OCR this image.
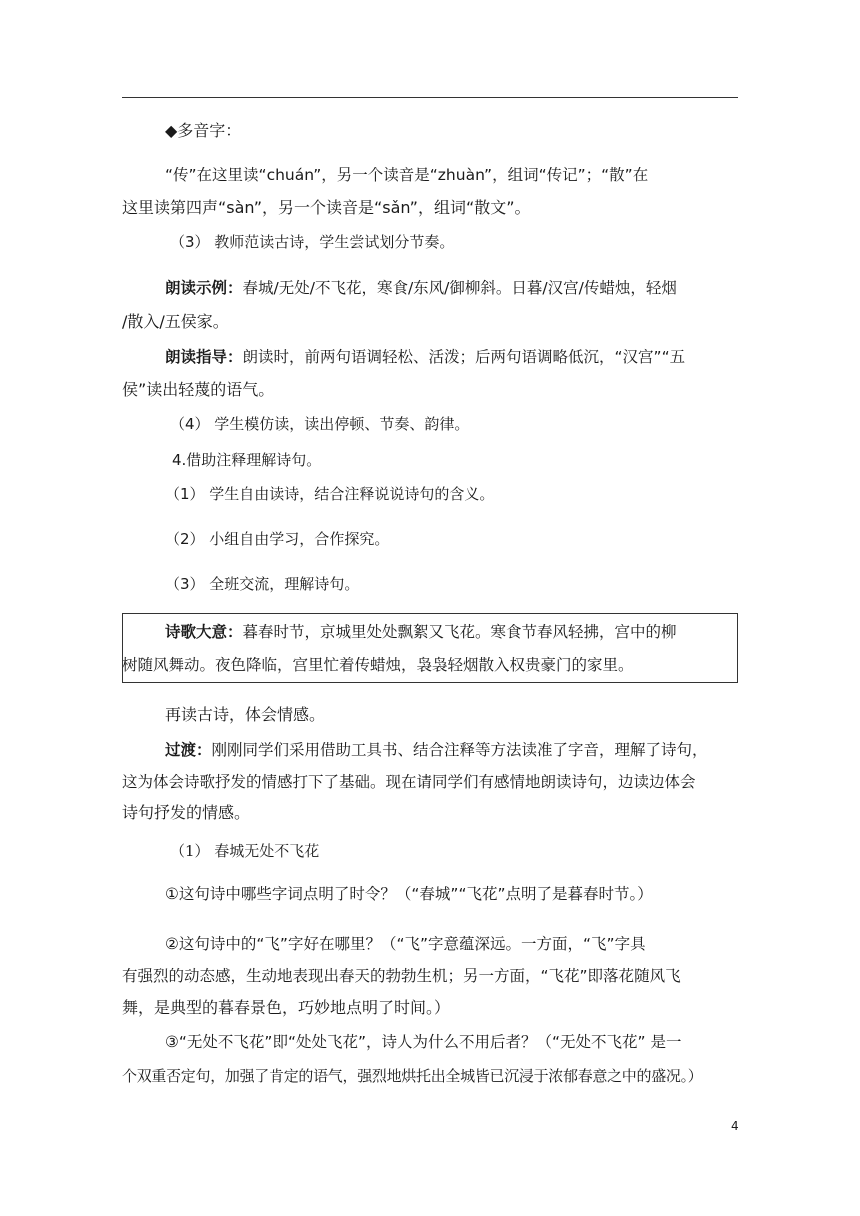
◆多音字：
“传”在这里读“chuán”，另一个读音是“zhuàn”，组词“传记”；“散”在
这里读第四声“sàn”，另一个读音是“sǎn”，组词“散文”。
（3） 教师范读古诗，学生尝试划分节奏。
朗读示例：春城/无处/不飞花，寒食/东风/御柳斜。日暮/汉宫/传蜡烛，轻烟
/散入/五侯家。
朗读指导：朗读时，前两句语调轻松、活泼；后两句语调略低沉，“汉宫”“五
侯”读出轻蔑的语气。
（4） 学生模仿读，读出停顿、节奏、韵律。
4.借助注释理解诗句。
（1） 学生自由读诗，结合注释说说诗句的含义。
（2） 小组自由学习，合作探究。
（3） 全班交流，理解诗句。
诗歌大意：暮春时节，京城里处处飘絮又飞花。寒食节春风轻拂，宫中的柳
树随风舞动。夜色降临，宫里忙着传蜡烛，袅袅轻烟散入权贵豪门的家里。
再读古诗，体会情感。
过渡：刚刚同学们采用借助工具书、结合注释等方法读准了字音，理解了诗句，
这为体会诗歌抒发的情感打下了基础。现在请同学们有感情地朗读诗句，边读边体会
诗句抒发的情感。
（1） 春城无处不飞花
①这句诗中哪些字词点明了时令？（“春城”“飞花”点明了是暮春时节。）
②这句诗中的“飞”字好在哪里？（“飞”字意蕴深远。一方面，“飞”字具
有强烈的动态感，生动地表现出春天的勃勃生机；另一方面，“飞花”即落花随风飞
舞，是典型的暮春景色，巧妙地点明了时间。）
③“无处不飞花”即“处处飞花”，诗人为什么不用后者？（“无处不飞花” 是一
个双重否定句，加强了肯定的语气，强烈地烘托出全城皆已沉浸于浓郁春意之中的盛况。）
4
